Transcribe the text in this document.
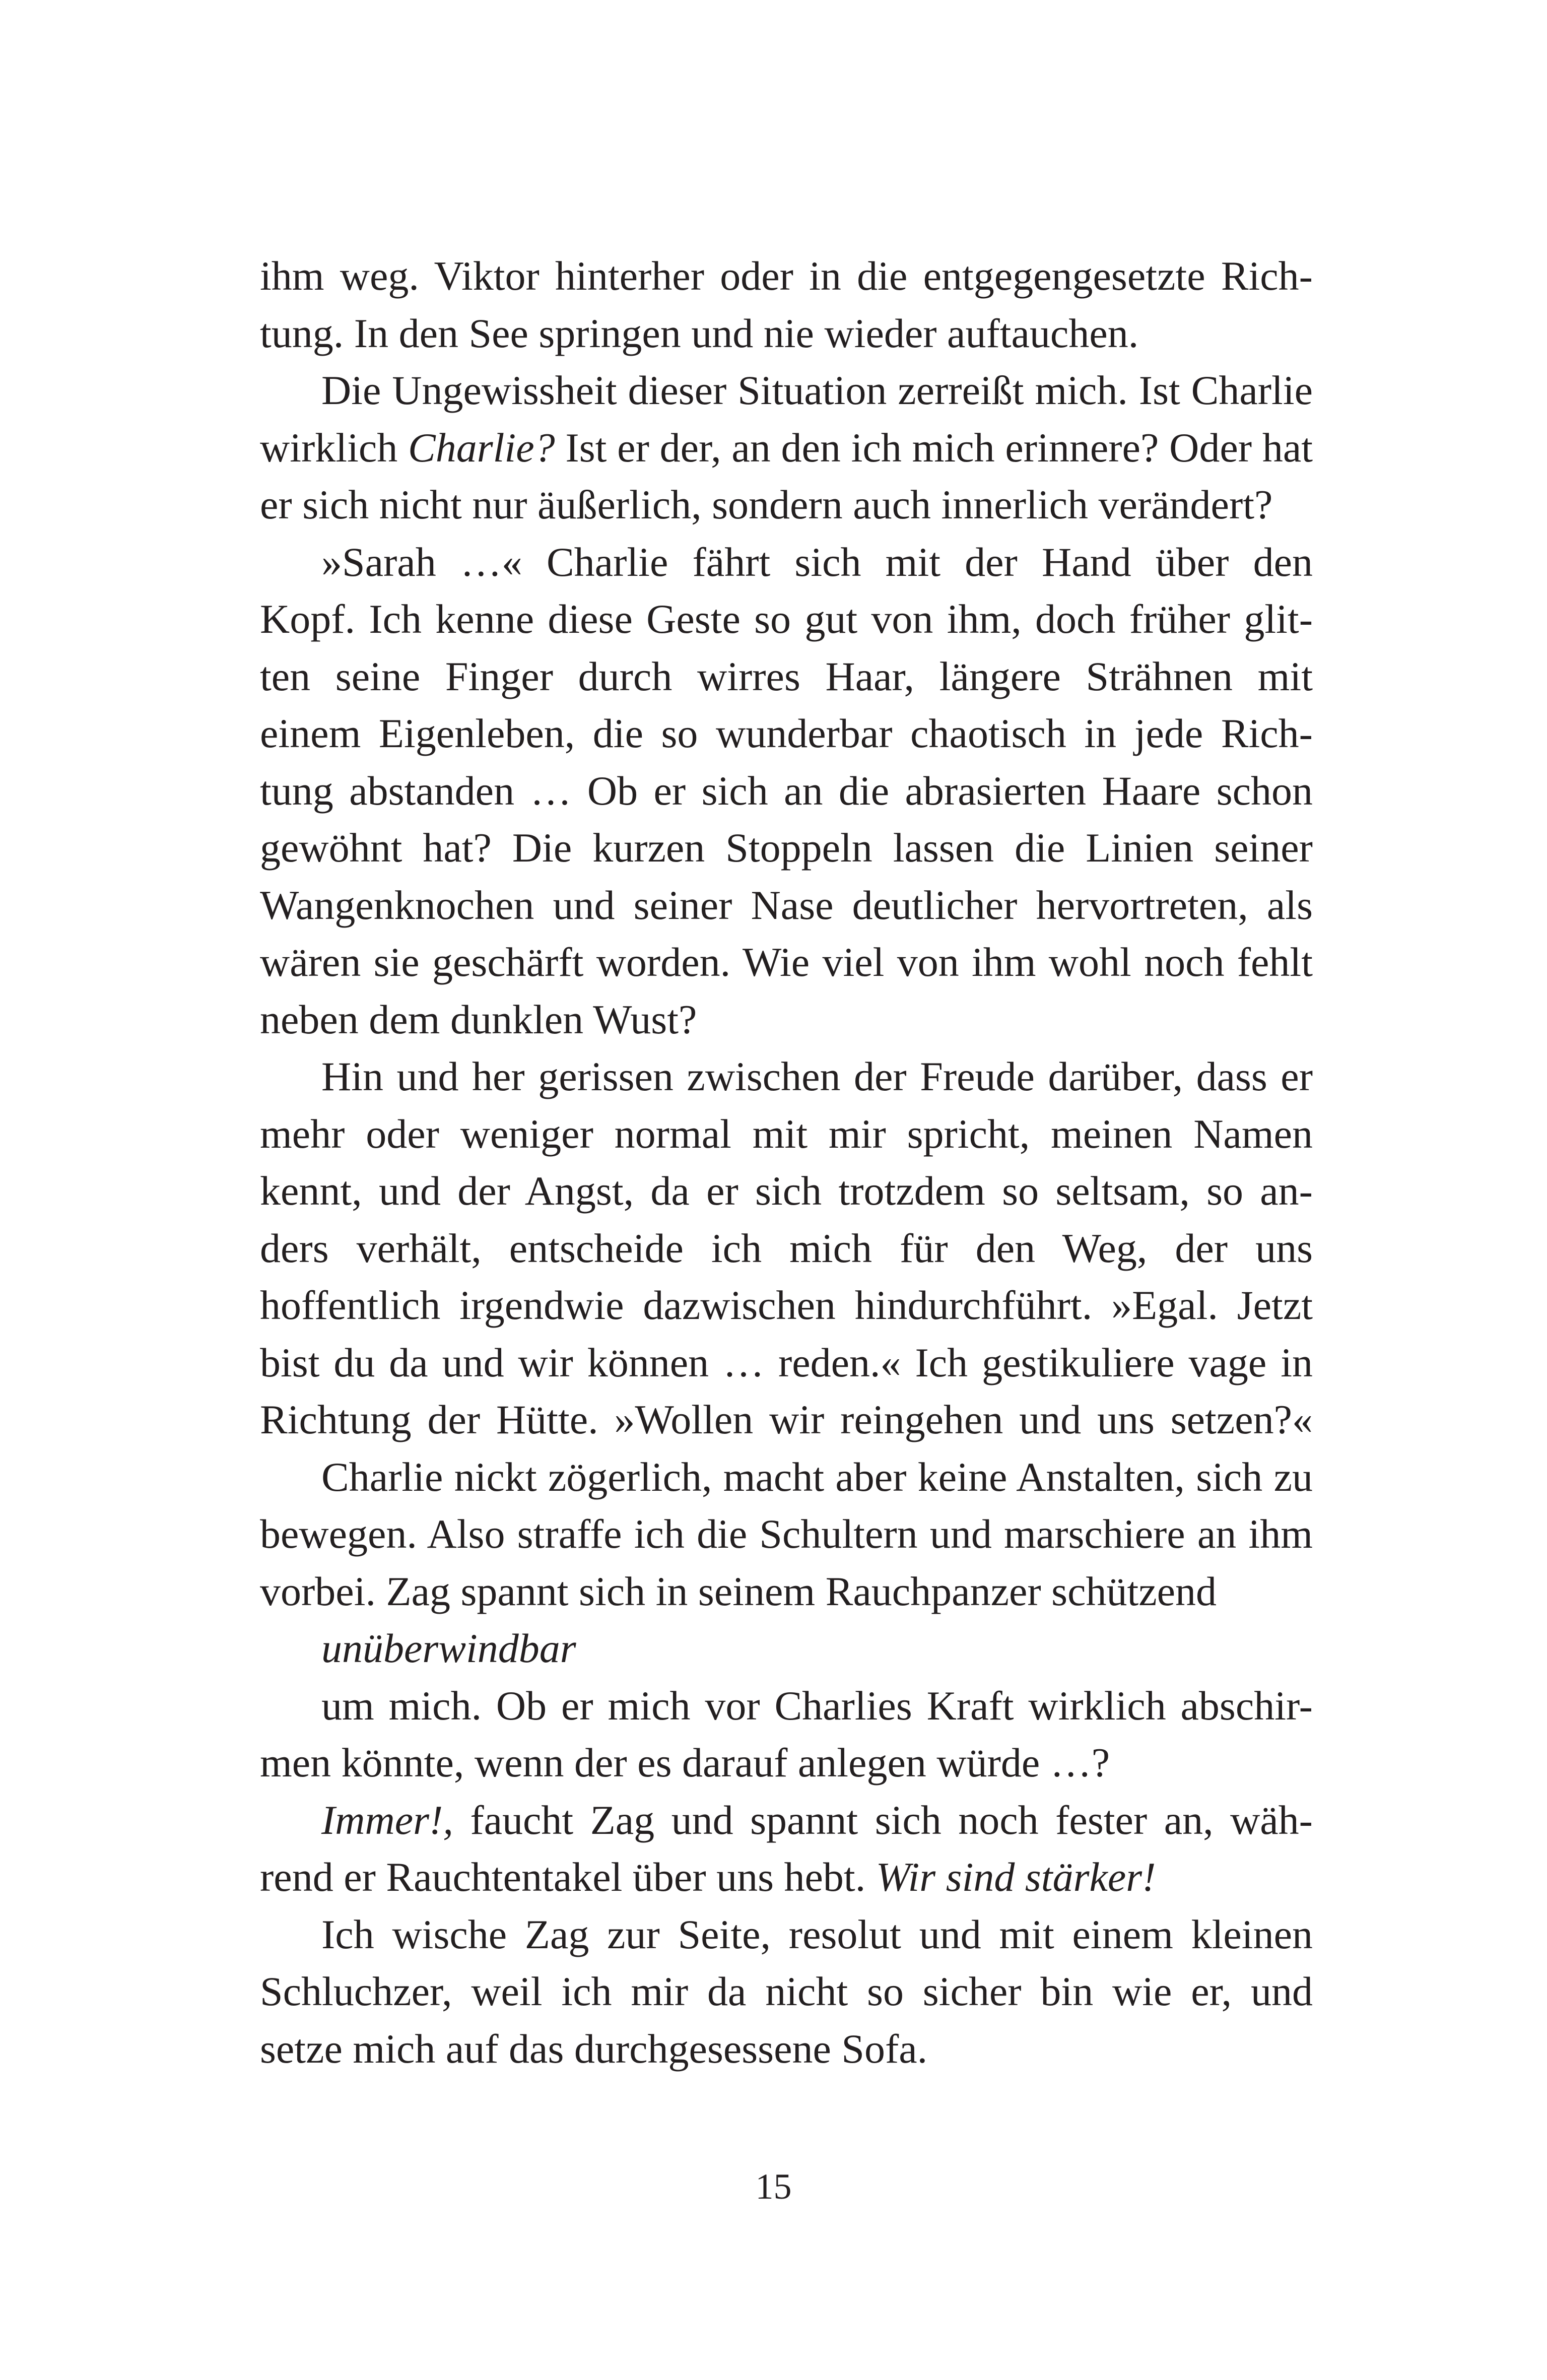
ihm weg. Viktor hinterher oder in die entgegengesetzte Rich-
tung. In den See springen und nie wieder auftauchen.
Die Ungewissheit dieser Situation zerreißt mich. Ist Charlie
wirklich Charlie? Ist er der, an den ich mich erinnere? Oder hat
er sich nicht nur äußerlich, sondern auch innerlich verändert?
»Sarah …« Charlie fährt sich mit der Hand über den
Kopf. Ich kenne diese Geste so gut von ihm, doch früher glit-
ten seine Finger durch wirres Haar, längere Strähnen mit
einem Eigenleben, die so wunderbar chaotisch in jede Rich-
tung abstanden … Ob er sich an die abrasierten Haare schon
gewöhnt hat? Die kurzen Stoppeln lassen die Linien seiner
Wangenknochen und seiner Nase deutlicher hervortreten, als
wären sie geschärft worden. Wie viel von ihm wohl noch fehlt
neben dem dunklen Wust?
Hin und her gerissen zwischen der Freude darüber, dass er
mehr oder weniger normal mit mir spricht, meinen Namen
kennt, und der Angst, da er sich trotzdem so seltsam, so an-
ders verhält, entscheide ich mich für den Weg, der uns
hoffentlich irgendwie dazwischen hindurchführt. »Egal. Jetzt
bist du da und wir können … reden.« Ich gestikuliere vage in
Richtung der Hütte. »Wollen wir reingehen und uns setzen?«
Charlie nickt zögerlich, macht aber keine Anstalten, sich zu
bewegen. Also straffe ich die Schultern und marschiere an ihm
vorbei. Zag spannt sich in seinem Rauchpanzer schützend
unüberwindbar
um mich. Ob er mich vor Charlies Kraft wirklich abschir-
men könnte, wenn der es darauf anlegen würde …?
Immer!, faucht Zag und spannt sich noch fester an, wäh-
rend er Rauchtentakel über uns hebt. Wir sind stärker!
Ich wische Zag zur Seite, resolut und mit einem kleinen
Schluchzer, weil ich mir da nicht so sicher bin wie er, und
setze mich auf das durchgesessene Sofa.
15
